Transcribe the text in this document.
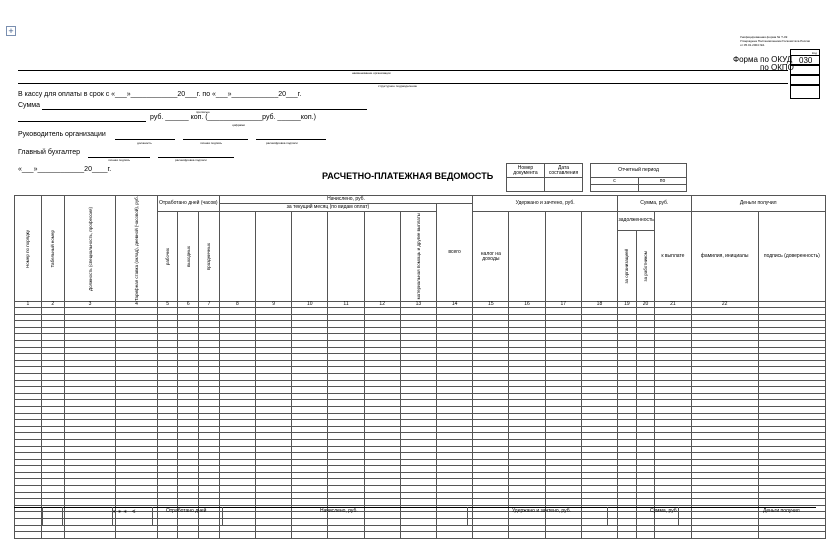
+
Унифицированная форма № Т-49
Утверждена Постановлением Госкомстата России
от 05.01.2004 №1
Код
Форма по ОКУД 030
по ОКПО
наименование организации
структурное подразделение
В кассу для оплаты в срок с «___»____________20___г. по «___»____________20___г.
Сумма
руб. ______ коп. (______________руб. ______коп.)
прописью
цифрами
Руководитель организации
должность	личная подпись	расшифровка подписи
Главный бухгалтер
личная подпись	расшифровка подписи
«___»____________20____г.
РАСЧЕТНО-ПЛАТЕЖНАЯ ВЕДОМОСТЬ
Номер документа	Дата составления		Отчетный период	
			с	по

Номер по порядку	Табельный номер	Должность (специальность, профессия)	Тарифная ставка (оклад), дневной (часовой), руб.	Отработано дней (часов)			Начислено, руб.							Удержано и зачтено, руб.				Сумма, руб.			Деньги получил	
							за текущий месяц (по видам оплат)						всего									

				рабочих	выходных	праздничных						материальная помощь и другие выплаты		налог на доходы				задолженность		к выплате	фамилия, инициалы	подпись (доверенность)

																		за организацией	за работником			

1	2	3	4	5	6	7	8	9	10	11	12	13	14	15	16	17	18	19	20	21	22	

∗ ∗ ∗   ∢	Отработано дней	Начислено, руб.	Удержано и зачтено, руб.	Сумма, руб.	Деньги получил
